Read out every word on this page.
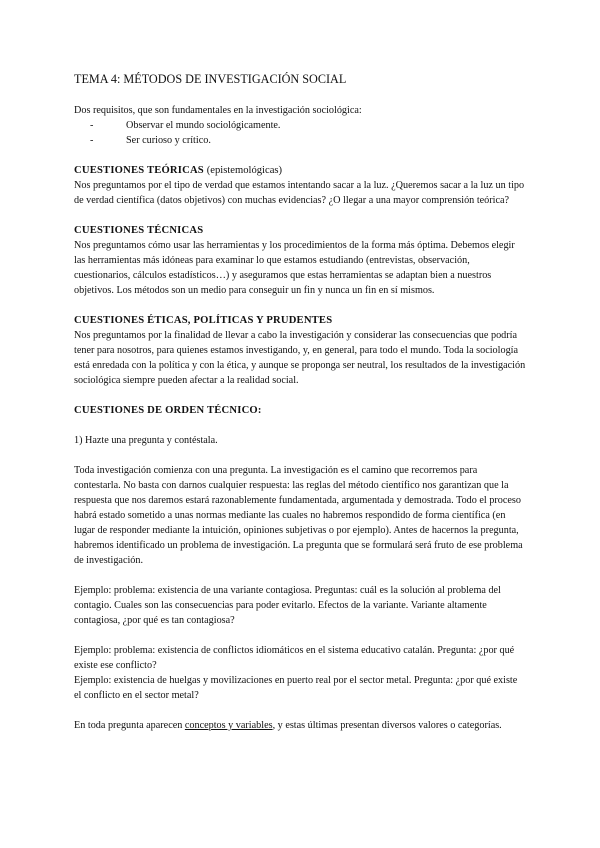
TEMA 4: MÉTODOS DE INVESTIGACIÓN SOCIAL

Dos requisitos, que son fundamentales en la investigación sociológica:

-	Observar el mundo sociológicamente.
-	Ser curioso y crítico.
CUESTIONES TEÓRICAS (epistemológicas)

Nos preguntamos por el tipo de verdad que estamos intentando sacar a la luz. ¿Queremos sacar a la luz un tipo de verdad científica (datos objetivos) con muchas evidencias? ¿O llegar a una mayor comprensión teórica?

CUESTIONES TÉCNICAS

Nos preguntamos cómo usar las herramientas y los procedimientos de la forma más óptima. Debemos elegir las herramientas más idóneas para examinar lo que estamos estudiando (entrevistas, observación, cuestionarios, cálculos estadísticos…) y aseguramos que estas herramientas se adaptan bien a nuestros objetivos. Los métodos son un medio para conseguir un fin y nunca un fin en sí mismos.

CUESTIONES ÉTICAS, POLÍTICAS Y PRUDENTES

Nos preguntamos por la finalidad de llevar a cabo la investigación y considerar las consecuencias que podría tener para nosotros, para quienes estamos investigando, y, en general, para todo el mundo. Toda la sociología está enredada con la política y con la ética, y aunque se proponga ser neutral, los resultados de la investigación sociológica siempre pueden afectar a la realidad social.

CUESTIONES DE ORDEN TÉCNICO:

1) Hazte una pregunta y contéstala.

Toda investigación comienza con una pregunta. La investigación es el camino que recorremos para contestarla. No basta con darnos cualquier respuesta: las reglas del método científico nos garantizan que la respuesta que nos daremos estará razonablemente fundamentada, argumentada y demostrada. Todo el proceso habrá estado sometido a unas normas mediante las cuales no habremos respondido de forma científica (en lugar de responder mediante la intuición, opiniones subjetivas o por ejemplo). Antes de hacernos la pregunta, habremos identificado un problema de investigación. La pregunta que se formulará será fruto de ese problema de investigación.

Ejemplo: problema: existencia de una variante contagiosa. Preguntas: cuál es la solución al problema del contagio. Cuales son las consecuencias para poder evitarlo. Efectos de la variante. Variante altamente contagiosa, ¿por qué es tan contagiosa?

Ejemplo: problema: existencia de conflictos idiomáticos en el sistema educativo catalán. Pregunta: ¿por qué existe ese conflicto?

Ejemplo: existencia de huelgas y movilizaciones en puerto real por el sector metal. Pregunta: ¿por qué existe el conflicto en el sector metal?

En toda pregunta aparecen conceptos y variables, y estas últimas presentan diversos valores o categorías.
